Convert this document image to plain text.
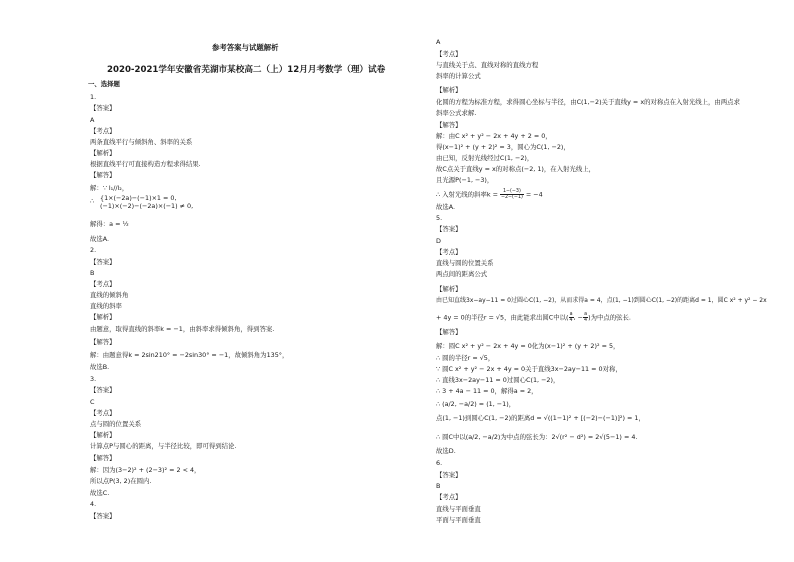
参考答案与试题解析
2020-2021学年安徽省芜湖市某校高二（上）12月月考数学（理）试卷
一、选择题
1.
【答案】
A
【考点】
两条直线平行与倾斜角、斜率的关系
【解析】
根据直线平行可直接构造方程求得结果.
【解答】
解：∵ l₁//l₂，
∴ {1×(−2a)−(−1)×1 = 0,
(−1)×(−2)−(−2a)×(−1) ≠ 0,
解得：a = ½
故选A.
2.
【答案】
B
【考点】
直线的倾斜角
直线的斜率
【解析】
由题意，取得直线的斜率k = −1，由斜率求得倾斜角，得到答案.
【解答】
解：由题意得k = 2sin210° = −2sin30° = −1，故倾斜角为135°，
故选B.
3.
【答案】
C
【考点】
点与圆的位置关系
【解析】
计算点P与圆心的距离，与半径比较，即可得到结论.
【解答】
解：因为(3−2)² + (2−3)² = 2 < 4，
所以点P(3, 2)在圆内.
故选C.
4.
【答案】
A
【考点】
与直线关于点、直线对称的直线方程
斜率的计算公式
【解析】
化圆的方程为标准方程，求得圆心坐标与半径，由C(1,−2)关于直线y = x的对称点在入射光线上，由两点求
斜率公式求解.
【解答】
解：由C x² + y² − 2x + 4y + 2 = 0，
得(x−1)² + (y + 2)² = 3，圆心为C(1, −2)，
由已知，反射光线经过C(1, −2)，
故C点关于直线y = x的对称点(−2, 1)，在入射光线上，
且光源P(−1, −3)，
∴ 入射光线的斜率$k = \frac{1-(-3)}{-2-(-1)} = -4$
故选A.
5.
【答案】
D
【考点】
直线与圆的位置关系
两点间的距离公式
【解析】
由已知直线3x−ay−11 = 0过圆心C(1, −2)，从而求得a = 4，点(1, −1)到圆心C(1, −2)的距离d = 1，圆C x² + y² − 2x
+ 4y = 0的半径r = √5，由此能求出圆C中以( $\frac{a}{4}$ , − $\frac{a}{4}$ )为中点的弦长.
【解答】
解：圆C x² + y² − 2x + 4y = 0化为(x−1)² + (y + 2)² = 5，
∴ 圆的半径r = √5，
∵ 圆C x² + y² − 2x + 4y = 0关于直线3x−2ay−11 = 0对称，
∴ 直线3x−2ay−11 = 0过圆心C(1, −2)，
∴ 3 + 4a − 11 = 0，解得a = 2，
∴ (a/2, −a/2) = (1, −1)，
点(1, −1)到圆心C(1, −2)的距离d = √((1−1)² + [(−2)−(−1)]²) = 1，
∴ 圆C中以(a/2, −a/2)为中点的弦长为：2√(r² − d²) = 2√(5−1) = 4.
故选D.
6.
【答案】
B
【考点】
直线与平面垂直
平面与平面垂直
